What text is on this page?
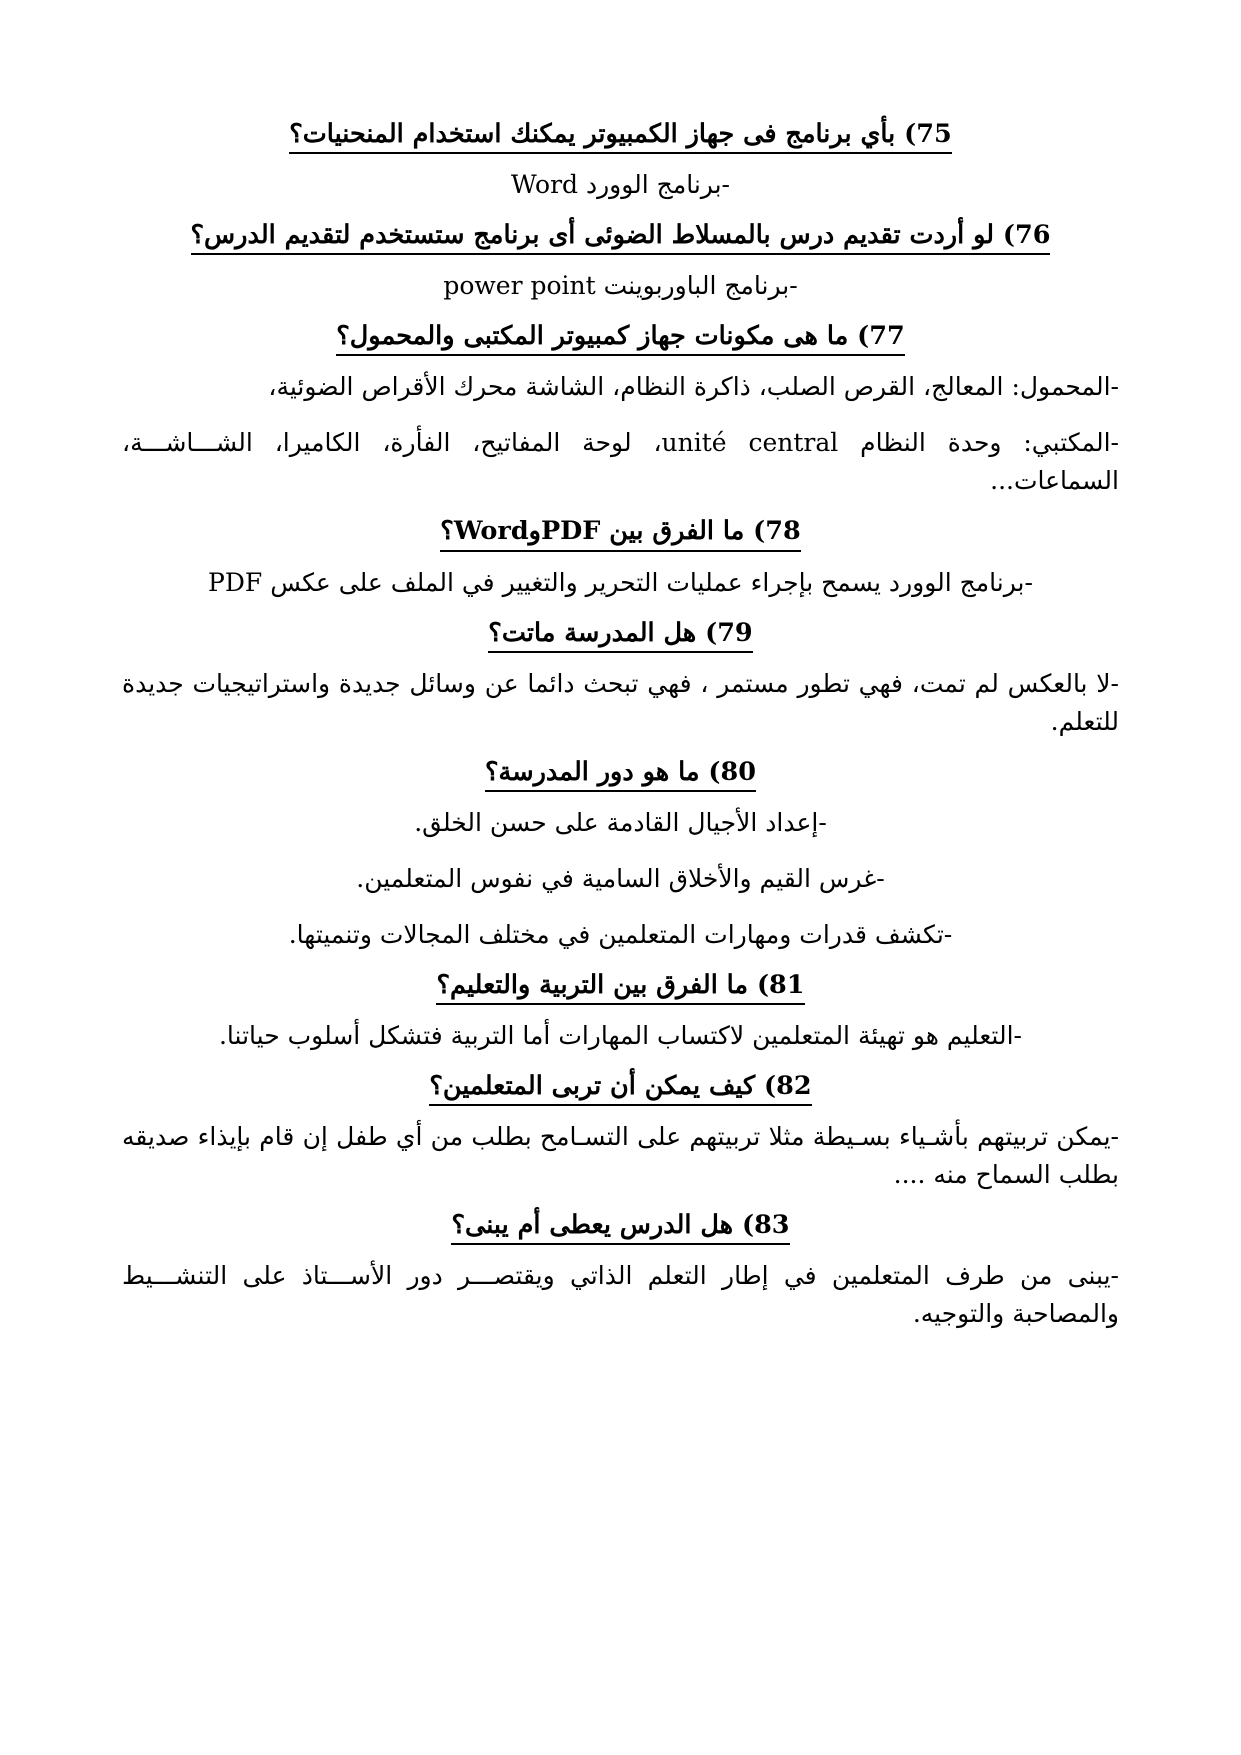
75) بأي برنامج فى جهاز الكمبيوتر يمكنك استخدام المنحنيات؟

-برنامج الوورد Word

76) لو أردت تقديم درس بالمسلاط الضوئى أى برنامج ستستخدم لتقديم الدرس؟

-برنامج الباوربوينت power point

77) ما هى مكونات جهاز كمبيوتر المكتبى والمحمول؟

-المحمول: المعالج، القرص الصلب، ذاكرة النظام، الشاشة محرك الأقراص الضوئية،

-المكتبي: وحدة النظام unité central، لوحة المفاتيح، الفأرة، الكاميرا، الشـــاشـــة، السماعات...

78) ما الفرق بين PDFوWord؟

-برنامج الوورد يسمح بإجراء عمليات التحرير والتغيير في الملف على عكس PDF

79) هل المدرسة ماتت؟

-لا بالعكس لم تمت، فهي تطور مستمر ، فهي تبحث دائما عن وسائل جديدة واستراتيجيات جديدة للتعلم.

80) ما هو دور المدرسة؟

-إعداد الأجيال القادمة على حسن الخلق.

-غرس القيم والأخلاق السامية في نفوس المتعلمين.

-تكشف قدرات ومهارات المتعلمين في مختلف المجالات وتنميتها.

81) ما الفرق بين التربية والتعليم؟

-التعليم هو تهيئة المتعلمين لاكتساب المهارات أما التربية فتشكل أسلوب حياتنا.

82) كيف يمكن أن تربى المتعلمين؟

-يمكن تربيتهم بأشـياء بسـيطة مثلا تربيتهم على التسـامح بطلب من أي طفل إن قام بإيذاء صديقه بطلب السماح منه ....

83) هل الدرس يعطى أم يبنى؟

-يبنى من طرف المتعلمين في إطار التعلم الذاتي ويقتصـــر دور الأســـتاذ على التنشـــيط والمصاحبة والتوجيه.
